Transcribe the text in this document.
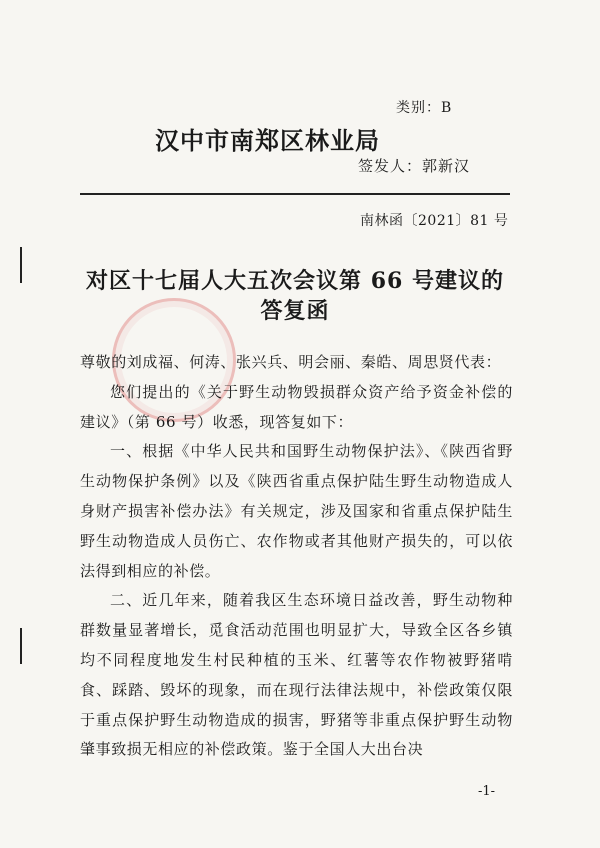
类别：B
汉中市南郑区林业局
签发人：郭新汉
南林函〔2021〕81 号
对区十七届人大五次会议第 66 号建议的
答复函

尊敬的刘成福、何涛、张兴兵、明会丽、秦皓、周思贤代表：

您们提出的《关于野生动物毁损群众资产给予资金补偿的建议》（第 66 号）收悉，现答复如下：

一、根据《中华人民共和国野生动物保护法》、《陕西省野生动物保护条例》以及《陕西省重点保护陆生野生动物造成人身财产损害补偿办法》有关规定，涉及国家和省重点保护陆生野生动物造成人员伤亡、农作物或者其他财产损失的，可以依法得到相应的补偿。

二、近几年来，随着我区生态环境日益改善，野生动物种群数量显著增长，觅食活动范围也明显扩大，导致全区各乡镇均不同程度地发生村民种植的玉米、红薯等农作物被野猪啃食、踩踏、毁坏的现象，而在现行法律法规中，补偿政策仅限于重点保护野生动物造成的损害，野猪等非重点保护野生动物肇事致损无相应的补偿政策。鉴于全国人大出台决

-1-
